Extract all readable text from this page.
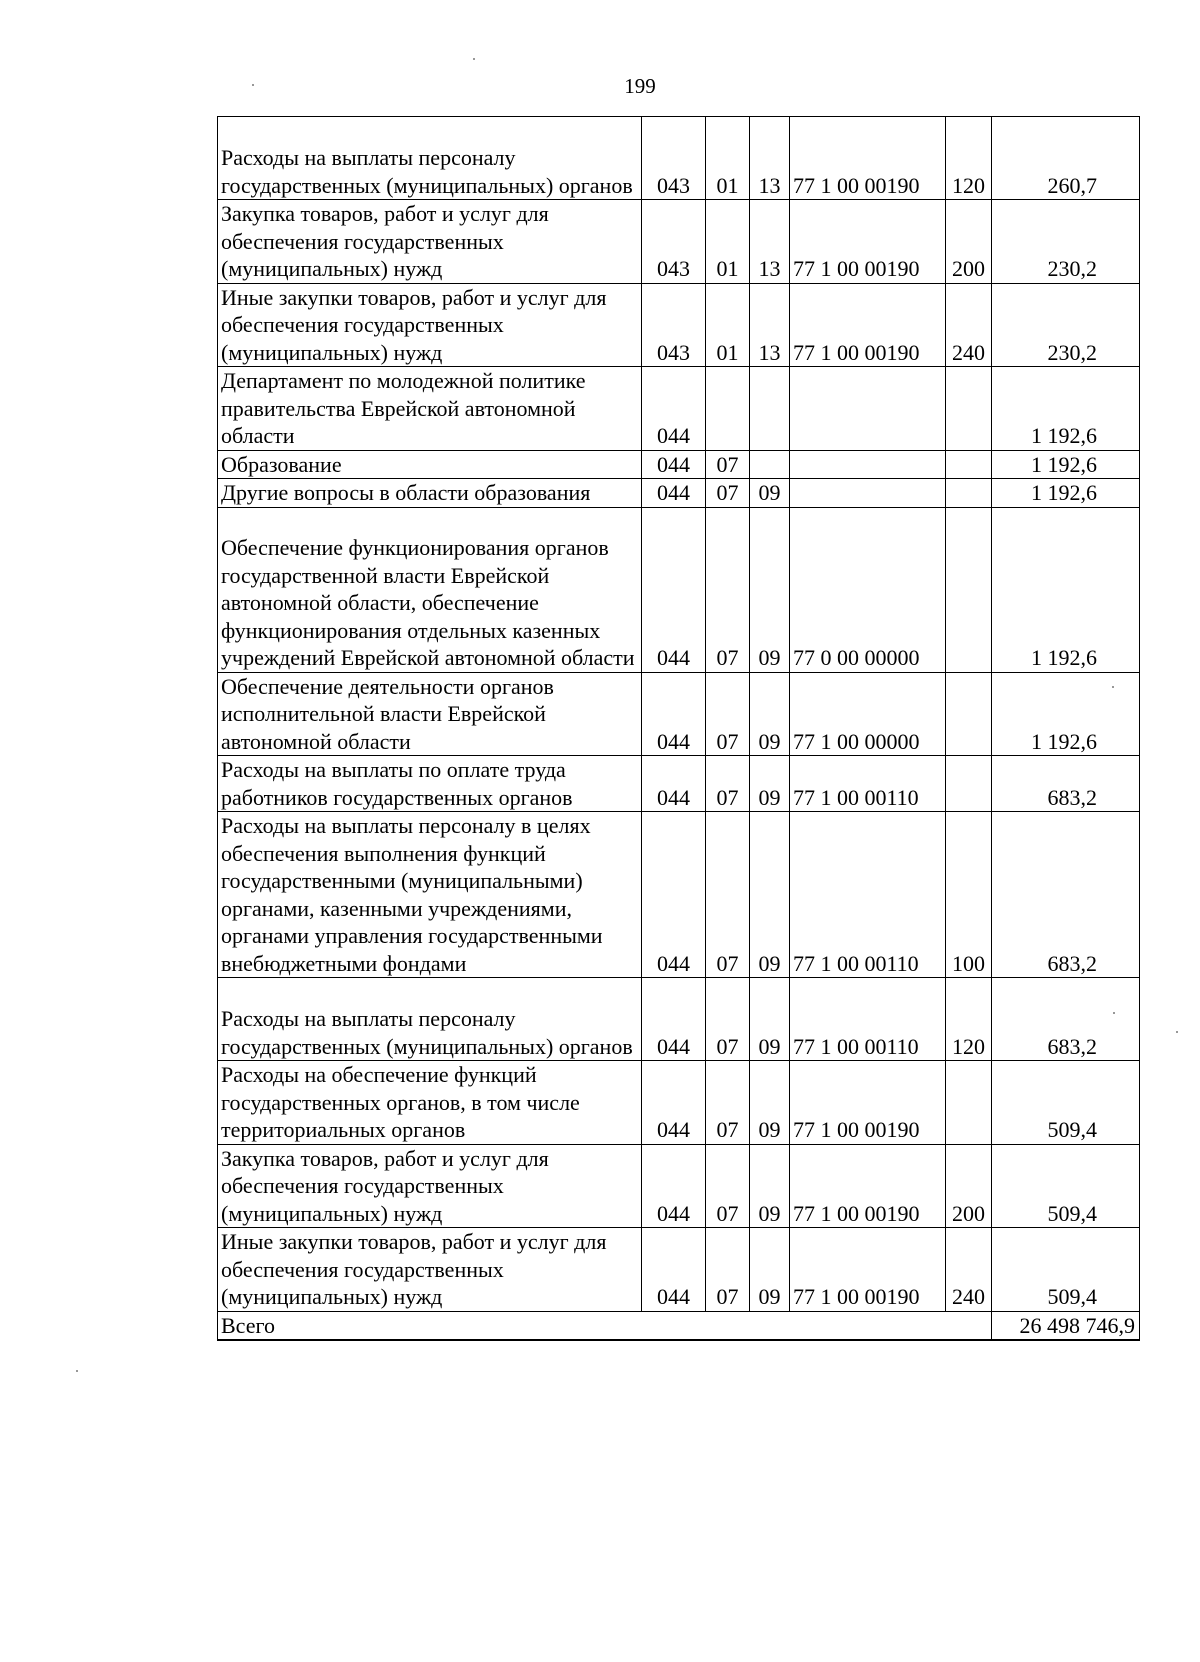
199
Расходы на выплаты персоналу государственных (муниципальных) органов	043	01	13	77 1 00 00190	120	260,7
Закупка товаров, работ и услуг для обеспечения государственных (муниципальных) нужд	043	01	13	77 1 00 00190	200	230,2
Иные закупки товаров, работ и услуг для обеспечения государственных (муниципальных) нужд	043	01	13	77 1 00 00190	240	230,2
Департамент по молодежной политике правительства Еврейской автономной области	044					1 192,6
Образование	044	07				1 192,6
Другие вопросы в области образования	044	07	09			1 192,6
Обеспечение функционирования органов государственной власти Еврейской автономной области, обеспечение функционирования отдельных казенных учреждений Еврейской автономной области	044	07	09	77 0 00 00000		1 192,6
Обеспечение деятельности органов исполнительной власти Еврейской автономной области	044	07	09	77 1 00 00000		1 192,6
Расходы на выплаты по оплате труда работников государственных органов	044	07	09	77 1 00 00110		683,2
Расходы на выплаты персоналу в целях обеспечения выполнения функций государственными (муниципальными) органами, казенными учреждениями, органами управления государственными внебюджетными фондами	044	07	09	77 1 00 00110	100	683,2
Расходы на выплаты персоналу государственных (муниципальных) органов	044	07	09	77 1 00 00110	120	683,2
Расходы на обеспечение функций государственных органов, в том числе территориальных органов	044	07	09	77 1 00 00190		509,4
Закупка товаров, работ и услуг для обеспечения государственных (муниципальных) нужд	044	07	09	77 1 00 00190	200	509,4
Иные закупки товаров, работ и услуг для обеспечения государственных (муниципальных) нужд	044	07	09	77 1 00 00190	240	509,4
Всего						26 498 746,9
